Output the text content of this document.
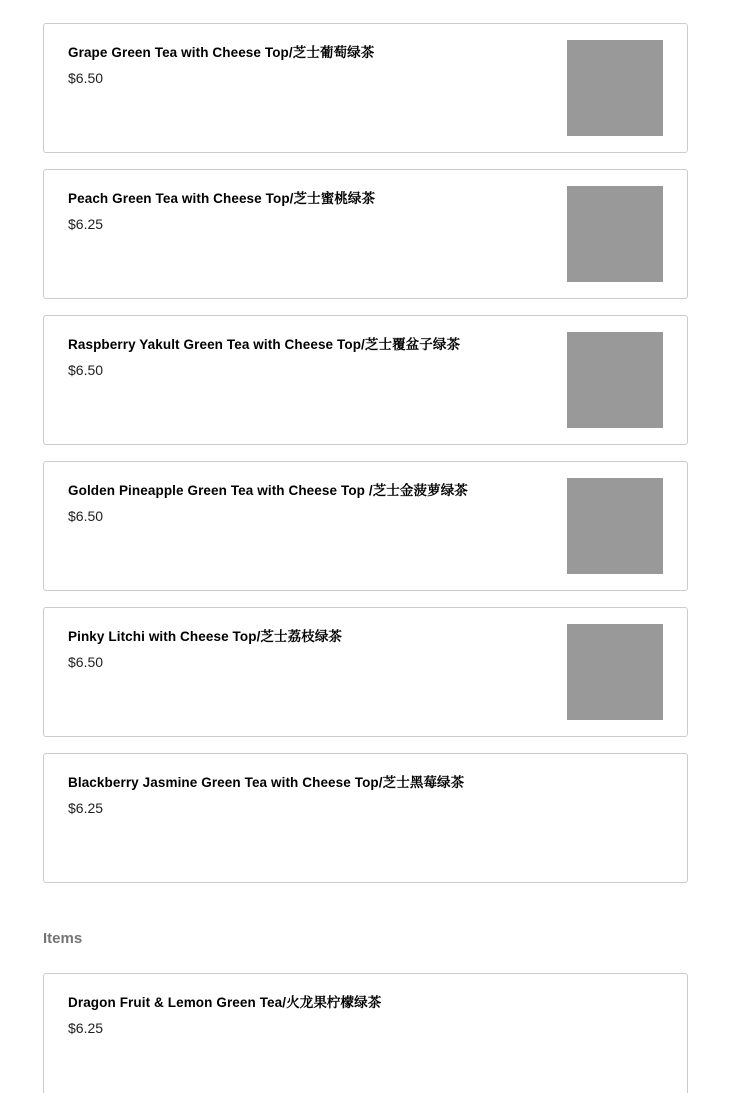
Grape Green Tea with Cheese Top/芝士葡萄绿茶
$6.50
Peach Green Tea with Cheese Top/芝士蜜桃绿茶
$6.25
Raspberry Yakult Green Tea with Cheese Top/芝士覆盆子绿茶
$6.50
Golden Pineapple Green Tea with Cheese Top /芝士金菠萝绿茶
$6.50
Pinky Litchi with Cheese Top/芝士荔枝绿茶
$6.50
Blackberry Jasmine Green Tea with Cheese Top/芝士黑莓绿茶
$6.25
Items
Dragon Fruit & Lemon Green Tea/火龙果柠檬绿茶
$6.25
